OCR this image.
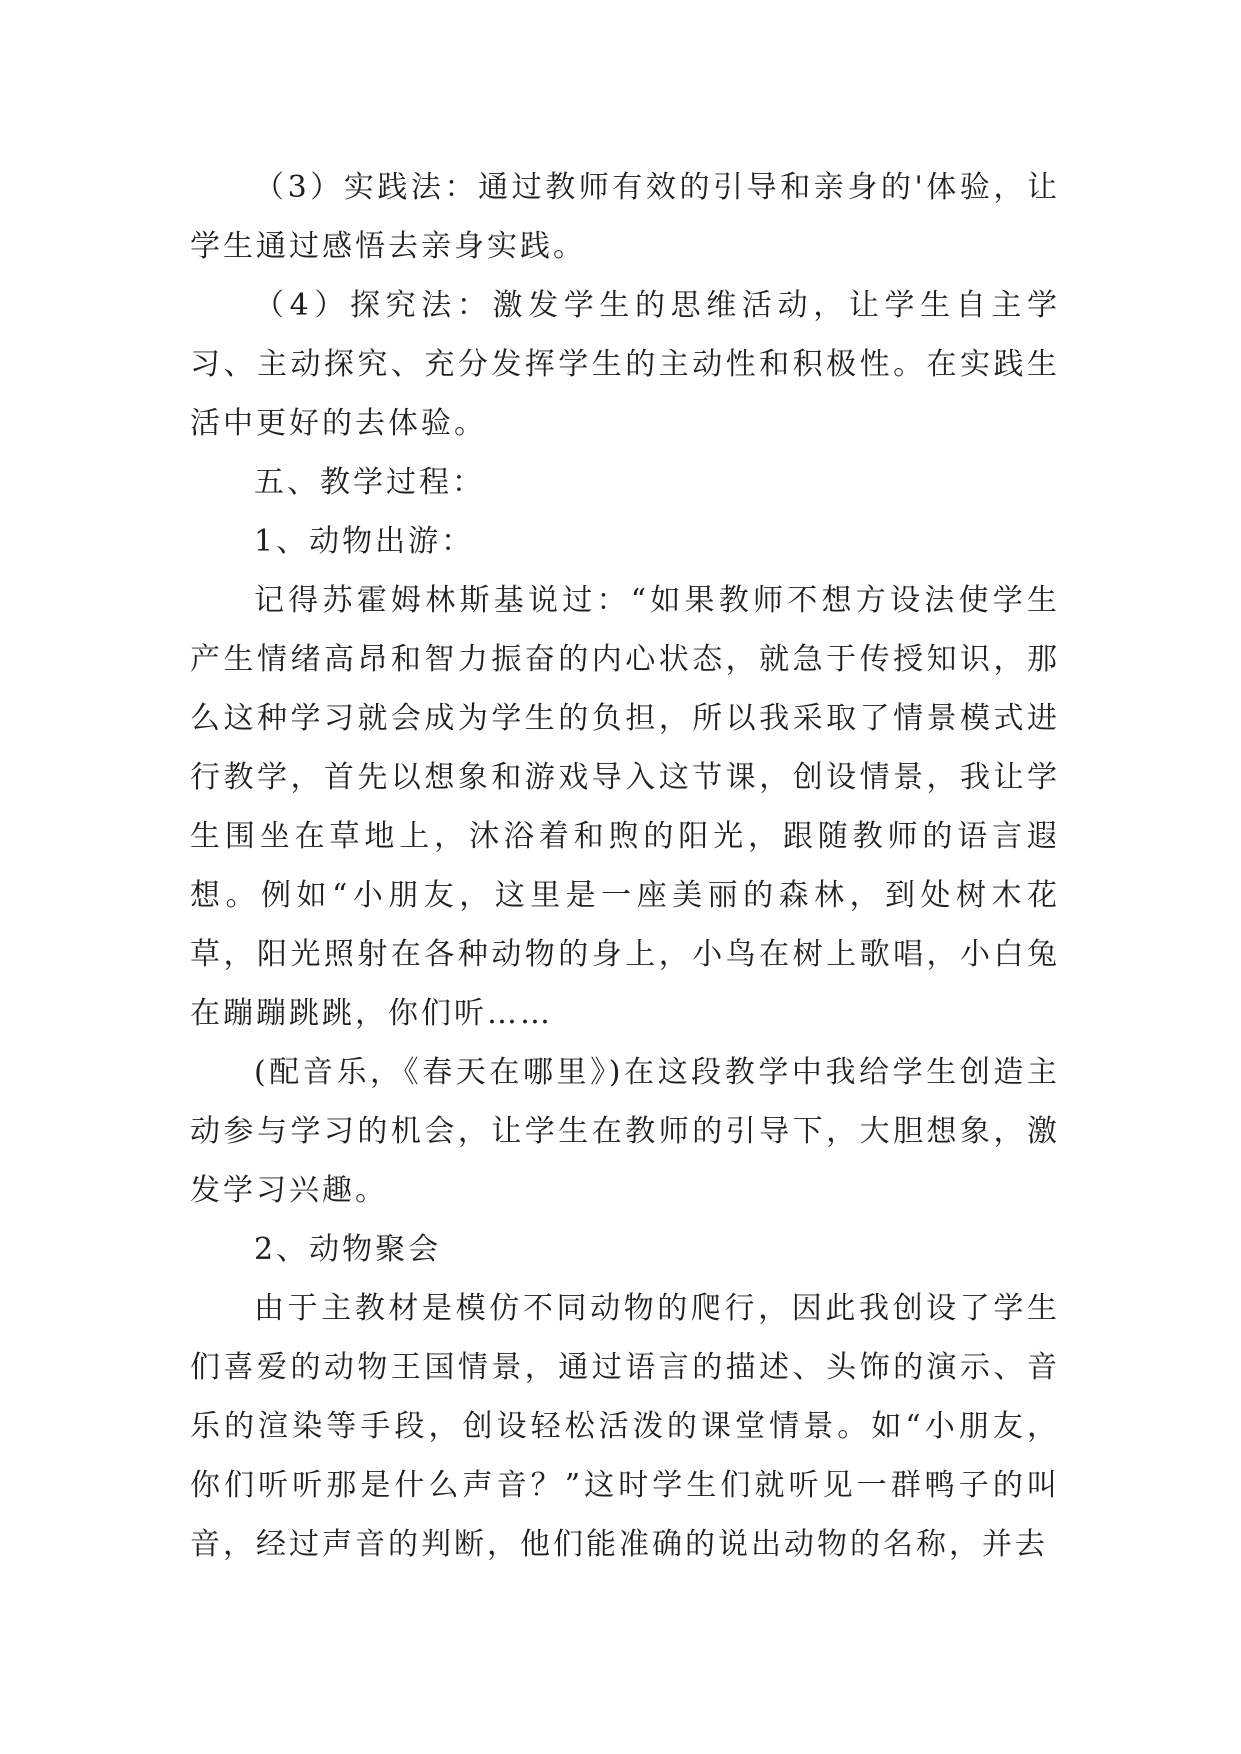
（3）实践法：通过教师有效的引导和亲身的'体验，让学生通过感悟去亲身实践。

（4）探究法：激发学生的思维活动，让学生自主学习、主动探究、充分发挥学生的主动性和积极性。在实践生活中更好的去体验。

五、教学过程：

1、动物出游：

记得苏霍姆林斯基说过：“如果教师不想方设法使学生产生情绪高昂和智力振奋的内心状态，就急于传授知识，那么这种学习就会成为学生的负担，所以我采取了情景模式进行教学，首先以想象和游戏导入这节课，创设情景，我让学生围坐在草地上，沐浴着和煦的阳光，跟随教师的语言遐想。例如“小朋友，这里是一座美丽的森林，到处树木花草，阳光照射在各种动物的身上，小鸟在树上歌唱，小白兔在蹦蹦跳跳，你们听……

(配音乐，《春天在哪里》)在这段教学中我给学生创造主动参与学习的机会，让学生在教师的引导下，大胆想象，激发学习兴趣。

2、动物聚会

由于主教材是模仿不同动物的爬行，因此我创设了学生们喜爱的动物王国情景，通过语言的描述、头饰的演示、音乐的渲染等手段，创设轻松活泼的课堂情景。如“小朋友，你们听听那是什么声音？”这时学生们就听见一群鸭子的叫音，经过声音的判断，他们能准确的说出动物的名称，并去
